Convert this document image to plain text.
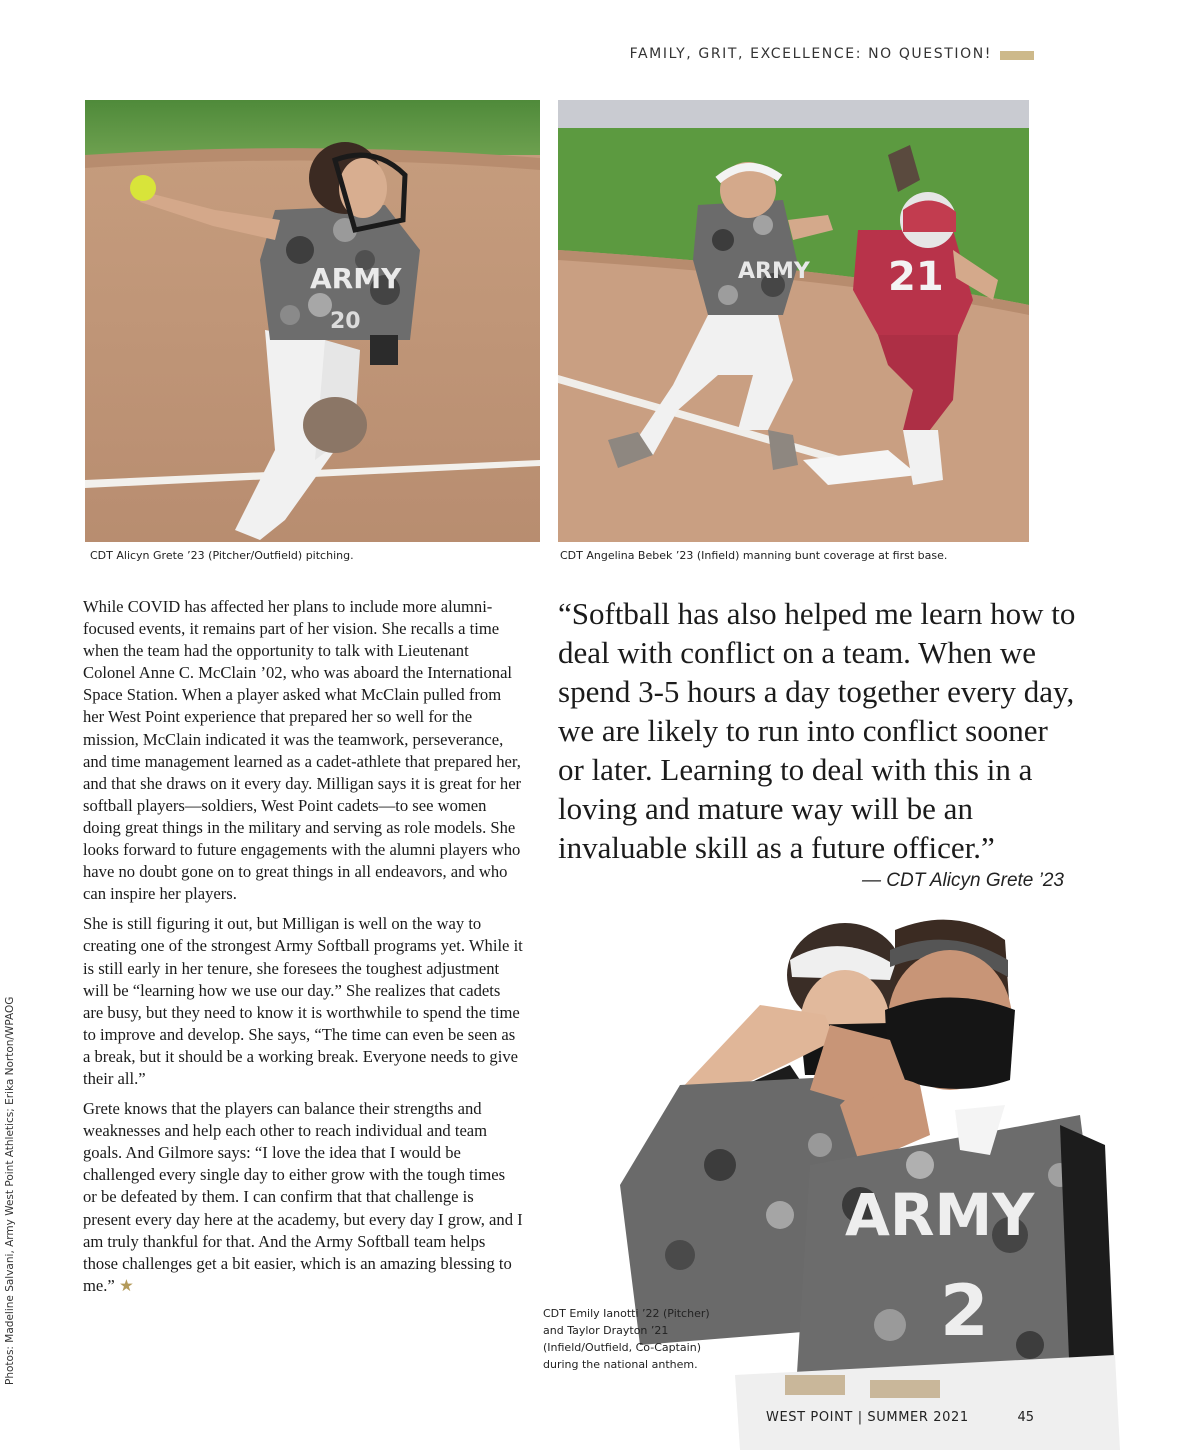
FAMILY, GRIT, EXCELLENCE: NO QUESTION!
ARMY
20
CDT Alicyn Grete ’23 (Pitcher/Outfield) pitching.
ARMY 21
CDT Angelina Bebek ’23 (Infield) manning bunt coverage at first base.

While COVID has affected her plans to include more alumni-focused events, it remains part of her vision. She recalls a time when the team had the opportunity to talk with Lieutenant Colonel Anne C. McClain ’02, who was aboard the International Space Station. When a player asked what McClain pulled from her West Point experience that prepared her so well for the mission, McClain indicated it was the teamwork, perseverance, and time management learned as a cadet-athlete that prepared her, and that she draws on it every day. Milligan says it is great for her softball players—soldiers, West Point cadets—to see women doing great things in the military and serving as role models. She looks forward to future engagements with the alumni players who have no doubt gone on to great things in all endeavors, and who can inspire her players.

She is still figuring it out, but Milligan is well on the way to creating one of the strongest Army Softball programs yet. While it is still early in her tenure, she foresees the toughest adjustment will be “learning how we use our day.” She realizes that cadets are busy, but they need to know it is worthwhile to spend the time to improve and develop. She says, “The time can even be seen as a break, but it should be a working break. Everyone needs to give their all.”

Grete knows that the players can balance their strengths and weaknesses and help each other to reach individual and team goals. And Gilmore says: “I love the idea that I would be challenged every single day to either grow with the tough times or be defeated by them. I can confirm that that challenge is present every day here at the academy, but every day I grow, and I am truly thankful for that. And the Army Softball team helps those challenges get a bit easier, which is an amazing blessing to me.” ★

“Softball has also helped me learn how to deal with conflict on a team. When we spend 3-5 hours a day together every day, we are likely to run into conflict sooner or later. Learning to deal with this in a loving and mature way will be an invaluable skill as a future officer.”
— CDT Alicyn Grete ’23
ARMY
2
CDT Emily Ianotti ’22 (Pitcher) and Taylor Drayton ’21 (Infield/Outfield, Co-Captain) during the national anthem.
Photos: Madeline Salvani, Army West Point Athletics; Erika Norton/WPAOG
WEST POINT | SUMMER 2021	45
